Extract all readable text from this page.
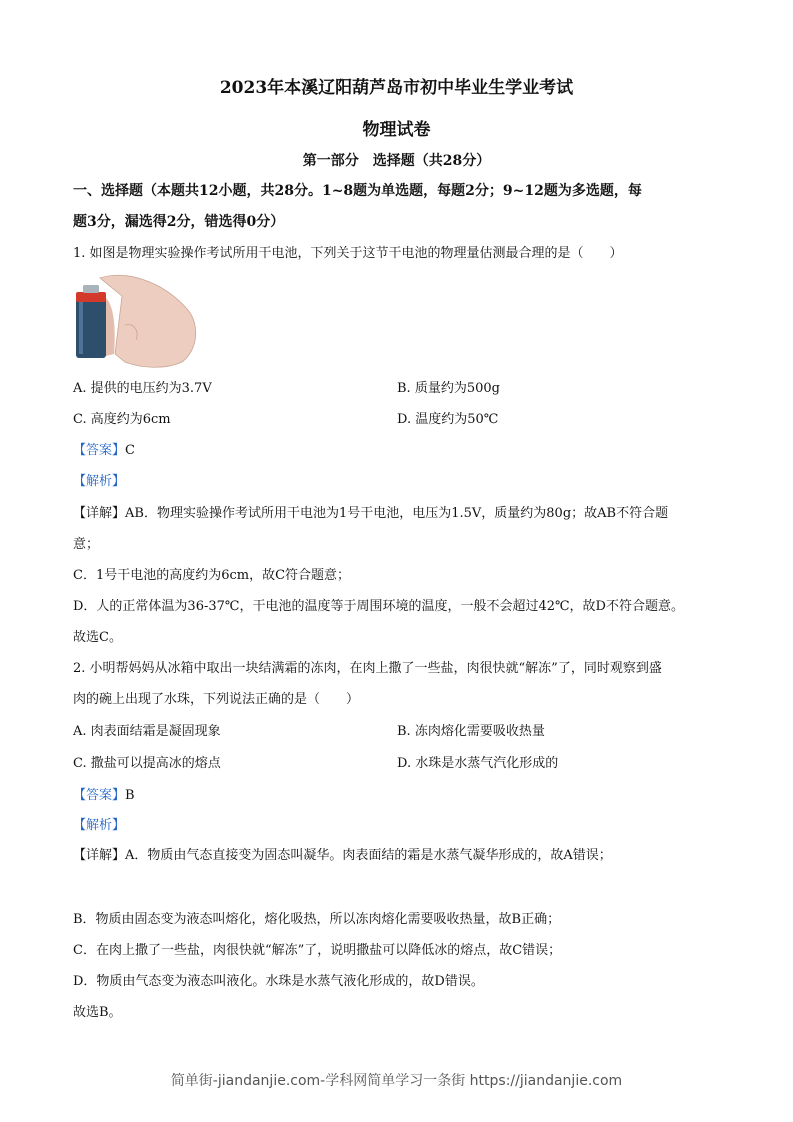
2023年本溪辽阳葫芦岛市初中毕业生学业考试
物理试卷
第一部分　选择题（共28分）
一、选择题（本题共12小题，共28分。1~8题为单选题，每题2分；9~12题为多选题，每
题3分，漏选得2分，错选得0分）
1. 如图是物理实验操作考试所用干电池，下列关于这节干电池的物理量估测最合理的是（　　）
A. 提供的电压约为3.7V	B. 质量约为500g
C. 高度约为6cm	D. 温度约为50℃
【答案】C
【解析】
【详解】AB．物理实验操作考试所用干电池为1号干电池，电压为1.5V，质量约为80g；故AB不符合题
意；
C．1号干电池的高度约为6cm，故C符合题意；
D．人的正常体温为36-37℃，干电池的温度等于周围环境的温度，一般不会超过42℃，故D不符合题意。
故选C。
2. 小明帮妈妈从冰箱中取出一块结满霜的冻肉，在肉上撒了一些盐，肉很快就“解冻”了，同时观察到盛
肉的碗上出现了水珠，下列说法正确的是（　　）
A. 肉表面结霜是凝固现象	B. 冻肉熔化需要吸收热量
C. 撒盐可以提高冰的熔点	D. 水珠是水蒸气汽化形成的
【答案】B
【解析】
【详解】A．物质由气态直接变为固态叫凝华。肉表面结的霜是水蒸气凝华形成的，故A错误；
B．物质由固态变为液态叫熔化，熔化吸热，所以冻肉熔化需要吸收热量，故B正确；
C．在肉上撒了一些盐，肉很快就“解冻”了，说明撒盐可以降低冰的熔点，故C错误；
D．物质由气态变为液态叫液化。水珠是水蒸气液化形成的，故D错误。
故选B。
简单街-jiandanjie.com-学科网简单学习一条街 https://jiandanjie.com
